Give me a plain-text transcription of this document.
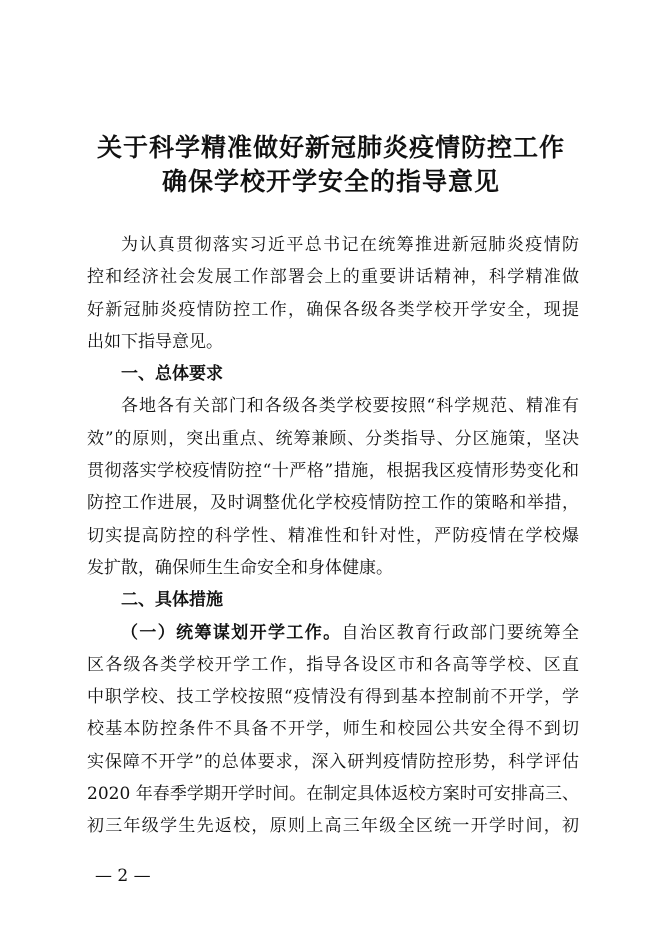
关于科学精准做好新冠肺炎疫情防控工作
确保学校开学安全的指导意见
为认真贯彻落实习近平总书记在统筹推进新冠肺炎疫情防
控和经济社会发展工作部署会上的重要讲话精神，科学精准做
好新冠肺炎疫情防控工作，确保各级各类学校开学安全，现提
出如下指导意见。
一、总体要求
各地各有关部门和各级各类学校要按照“科学规范、精准有
效”的原则，突出重点、统筹兼顾、分类指导、分区施策，坚决
贯彻落实学校疫情防控“十严格”措施，根据我区疫情形势变化和
防控工作进展，及时调整优化学校疫情防控工作的策略和举措，
切实提高防控的科学性、精准性和针对性，严防疫情在学校爆
发扩散，确保师生生命安全和身体健康。
二、具体措施
（一）统筹谋划开学工作。自治区教育行政部门要统筹全
区各级各类学校开学工作，指导各设区市和各高等学校、区直
中职学校、技工学校按照“疫情没有得到基本控制前不开学，学
校基本防控条件不具备不开学，师生和校园公共安全得不到切
实保障不开学”的总体要求，深入研判疫情防控形势，科学评估
2020 年春季学期开学时间。在制定具体返校方案时可安排高三、
初三年级学生先返校，原则上高三年级全区统一开学时间，初
— 2 —
